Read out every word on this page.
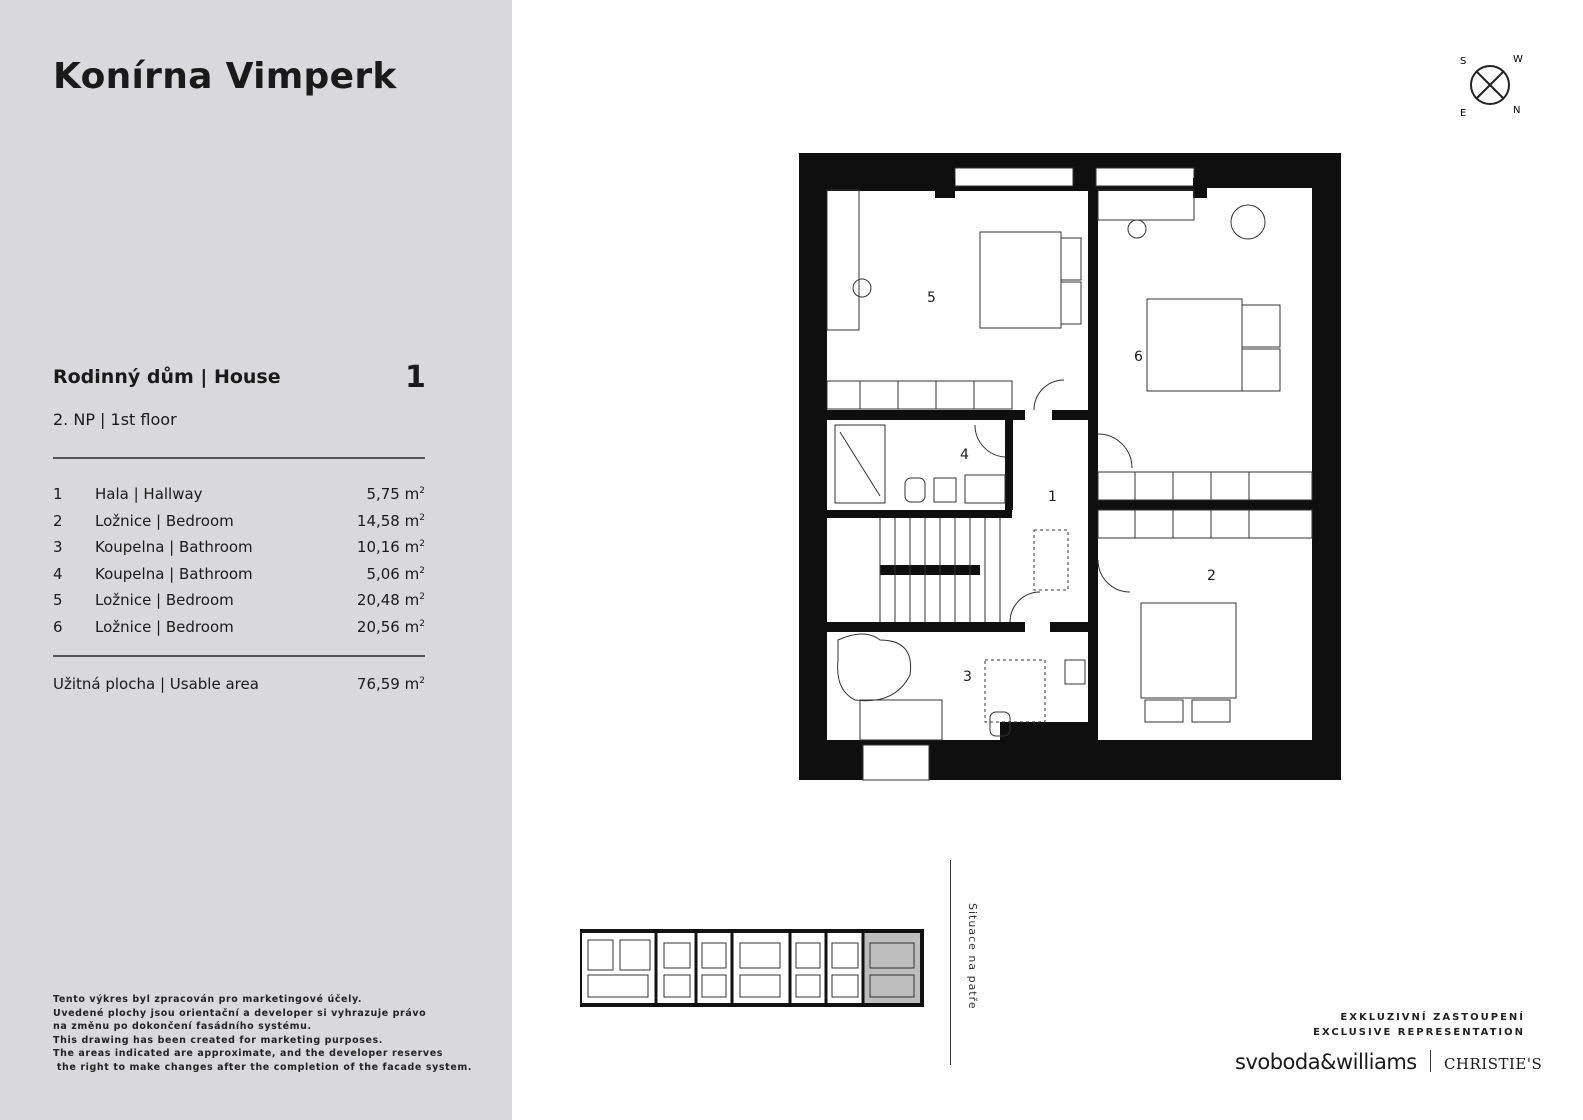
Konírna Vimperk
Rodinný dům | House	1
2. NP | 1st floor
1 Hala | Hallway	5,75 $m^2$
2 Ložnice | Bedroom	14,58 $m^2$
3 Koupelna | Bathroom	10,16 $m^2$
4 Koupelna | Bathroom	5,06 $m^2$
5 Ložnice | Bedroom	20,48 $m^2$
6 Ložnice | Bedroom	20,56 $m^2$
Užitná plocha | Usable area	76,59 $m^2$
Tento výkres byl zpracován pro marketingové účely.
Uvedené plochy jsou orientační a developer si vyhrazuje právo
na změnu po dokončení fasádního systému.
This drawing has been created for marketing purposes.
The areas indicated are approximate, and the developer reserves
the right to make changes after the completion of the facade system.
S	W
E	N
1
2
3
4
5
6
Situace na patře
EXKLUZIVNÍ ZASTOUPENÍ
EXCLUSIVE REPRESENTATION
svoboda&williams CHRISTIE'S
